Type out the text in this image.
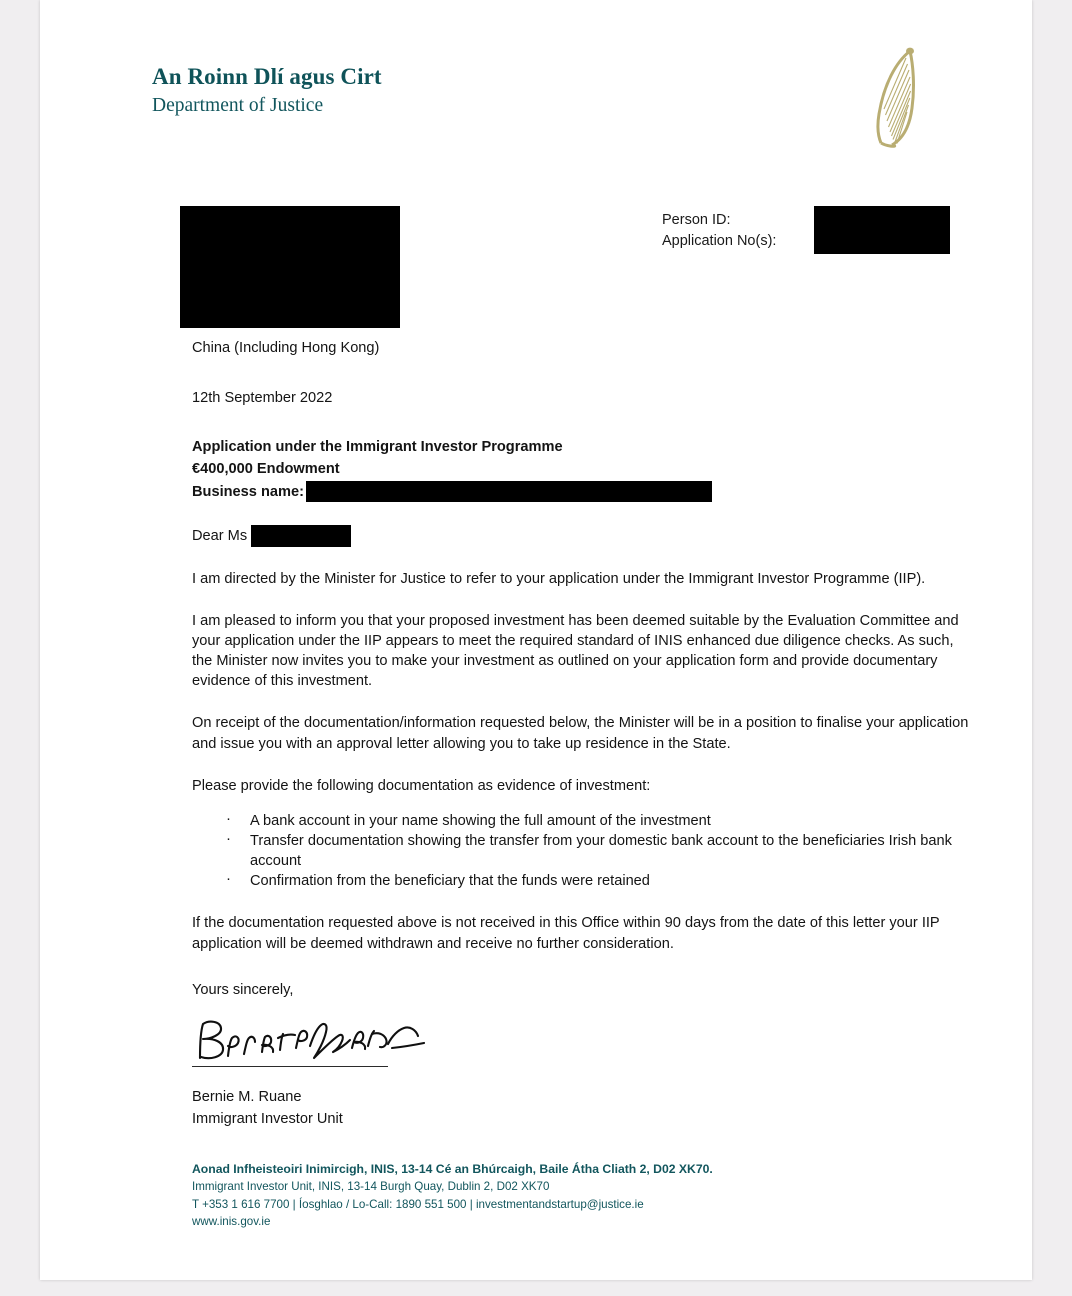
An Roinn Dlí agus Cirt
Department of Justice
Person ID:
Application No(s):
China (Including Hong Kong)
12th September 2022
Application under the Immigrant Investor Programme
€400,000 Endowment
Business name:
Dear Ms

I am directed by the Minister for Justice to refer to your application under the Immigrant Investor Programme (IIP).

I am pleased to inform you that your proposed investment has been deemed suitable by the Evaluation Committee and your application under the IIP appears to meet the required standard of INIS enhanced due diligence checks. As such, the Minister now invites you to make your investment as outlined on your application form and provide documentary evidence of this investment.

On receipt of the documentation/information requested below, the Minister will be in a position to finalise your application and issue you with an approval letter allowing you to take up residence in the State.

Please provide the following documentation as evidence of investment:

· A bank account in your name showing the full amount of the investment
· Transfer documentation showing the transfer from your domestic bank account to the beneficiaries Irish bank account
· Confirmation from the beneficiary that the funds were retained

If the documentation requested above is not received in this Office within 90 days from the date of this letter your IIP application will be deemed withdrawn and receive no further consideration.

Yours sincerely,

Bernie M. Ruane
Immigrant Investor Unit
Aonad Infheisteoiri Inimircigh, INIS, 13-14 Cé an Bhúrcaigh, Baile Átha Cliath 2, D02 XK70.
Immigrant Investor Unit, INIS, 13-14 Burgh Quay, Dublin 2, D02 XK70
T +353 1 616 7700 | Íosghlao / Lo-Call: 1890 551 500 | investmentandstartup@justice.ie
www.inis.gov.ie
